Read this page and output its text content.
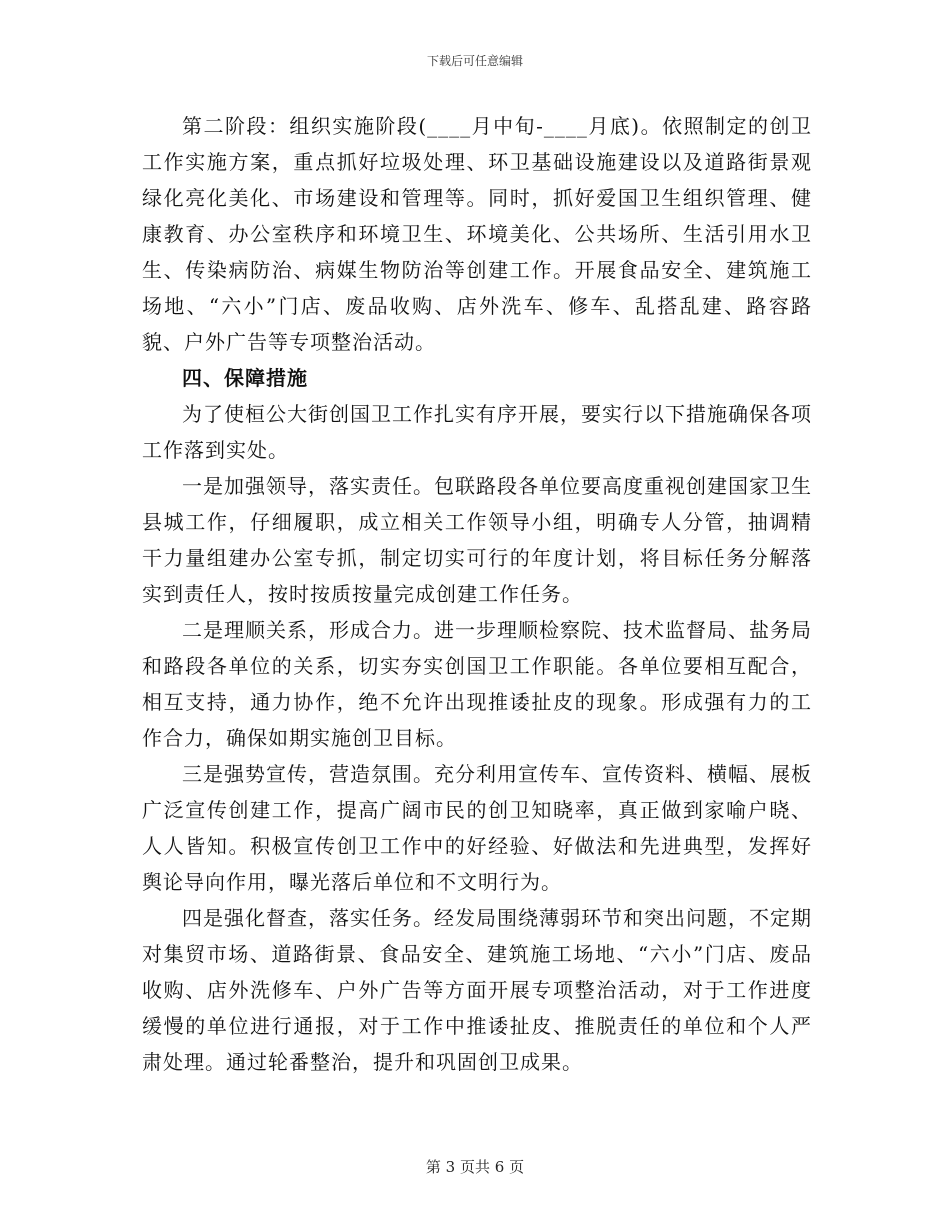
下载后可任意编辑

第二阶段：组织实施阶段(____月中旬-____月底)。依照制定的创卫工作实施方案，重点抓好垃圾处理、环卫基础设施建设以及道路街景观绿化亮化美化、市场建设和管理等。同时，抓好爱国卫生组织管理、健康教育、办公室秩序和环境卫生、环境美化、公共场所、生活引用水卫生、传染病防治、病媒生物防治等创建工作。开展食品安全、建筑施工场地、“六小”门店、废品收购、店外洗车、修车、乱搭乱建、路容路貌、户外广告等专项整治活动。

四、保障措施

为了使桓公大街创国卫工作扎实有序开展，要实行以下措施确保各项工作落到实处。

一是加强领导，落实责任。包联路段各单位要高度重视创建国家卫生县城工作，仔细履职，成立相关工作领导小组，明确专人分管，抽调精干力量组建办公室专抓，制定切实可行的年度计划，将目标任务分解落实到责任人，按时按质按量完成创建工作任务。

二是理顺关系，形成合力。进一步理顺检察院、技术监督局、盐务局和路段各单位的关系，切实夯实创国卫工作职能。各单位要相互配合，相互支持，通力协作，绝不允许出现推诿扯皮的现象。形成强有力的工作合力，确保如期实施创卫目标。

三是强势宣传，营造氛围。充分利用宣传车、宣传资料、横幅、展板广泛宣传创建工作，提高广阔市民的创卫知晓率，真正做到家喻户晓、人人皆知。积极宣传创卫工作中的好经验、好做法和先进典型，发挥好舆论导向作用，曝光落后单位和不文明行为。

四是强化督查，落实任务。经发局围绕薄弱环节和突出问题，不定期对集贸市场、道路街景、食品安全、建筑施工场地、“六小”门店、废品收购、店外洗修车、户外广告等方面开展专项整治活动，对于工作进度缓慢的单位进行通报，对于工作中推诿扯皮、推脱责任的单位和个人严肃处理。通过轮番整治，提升和巩固创卫成果。

第 3 页共 6 页
